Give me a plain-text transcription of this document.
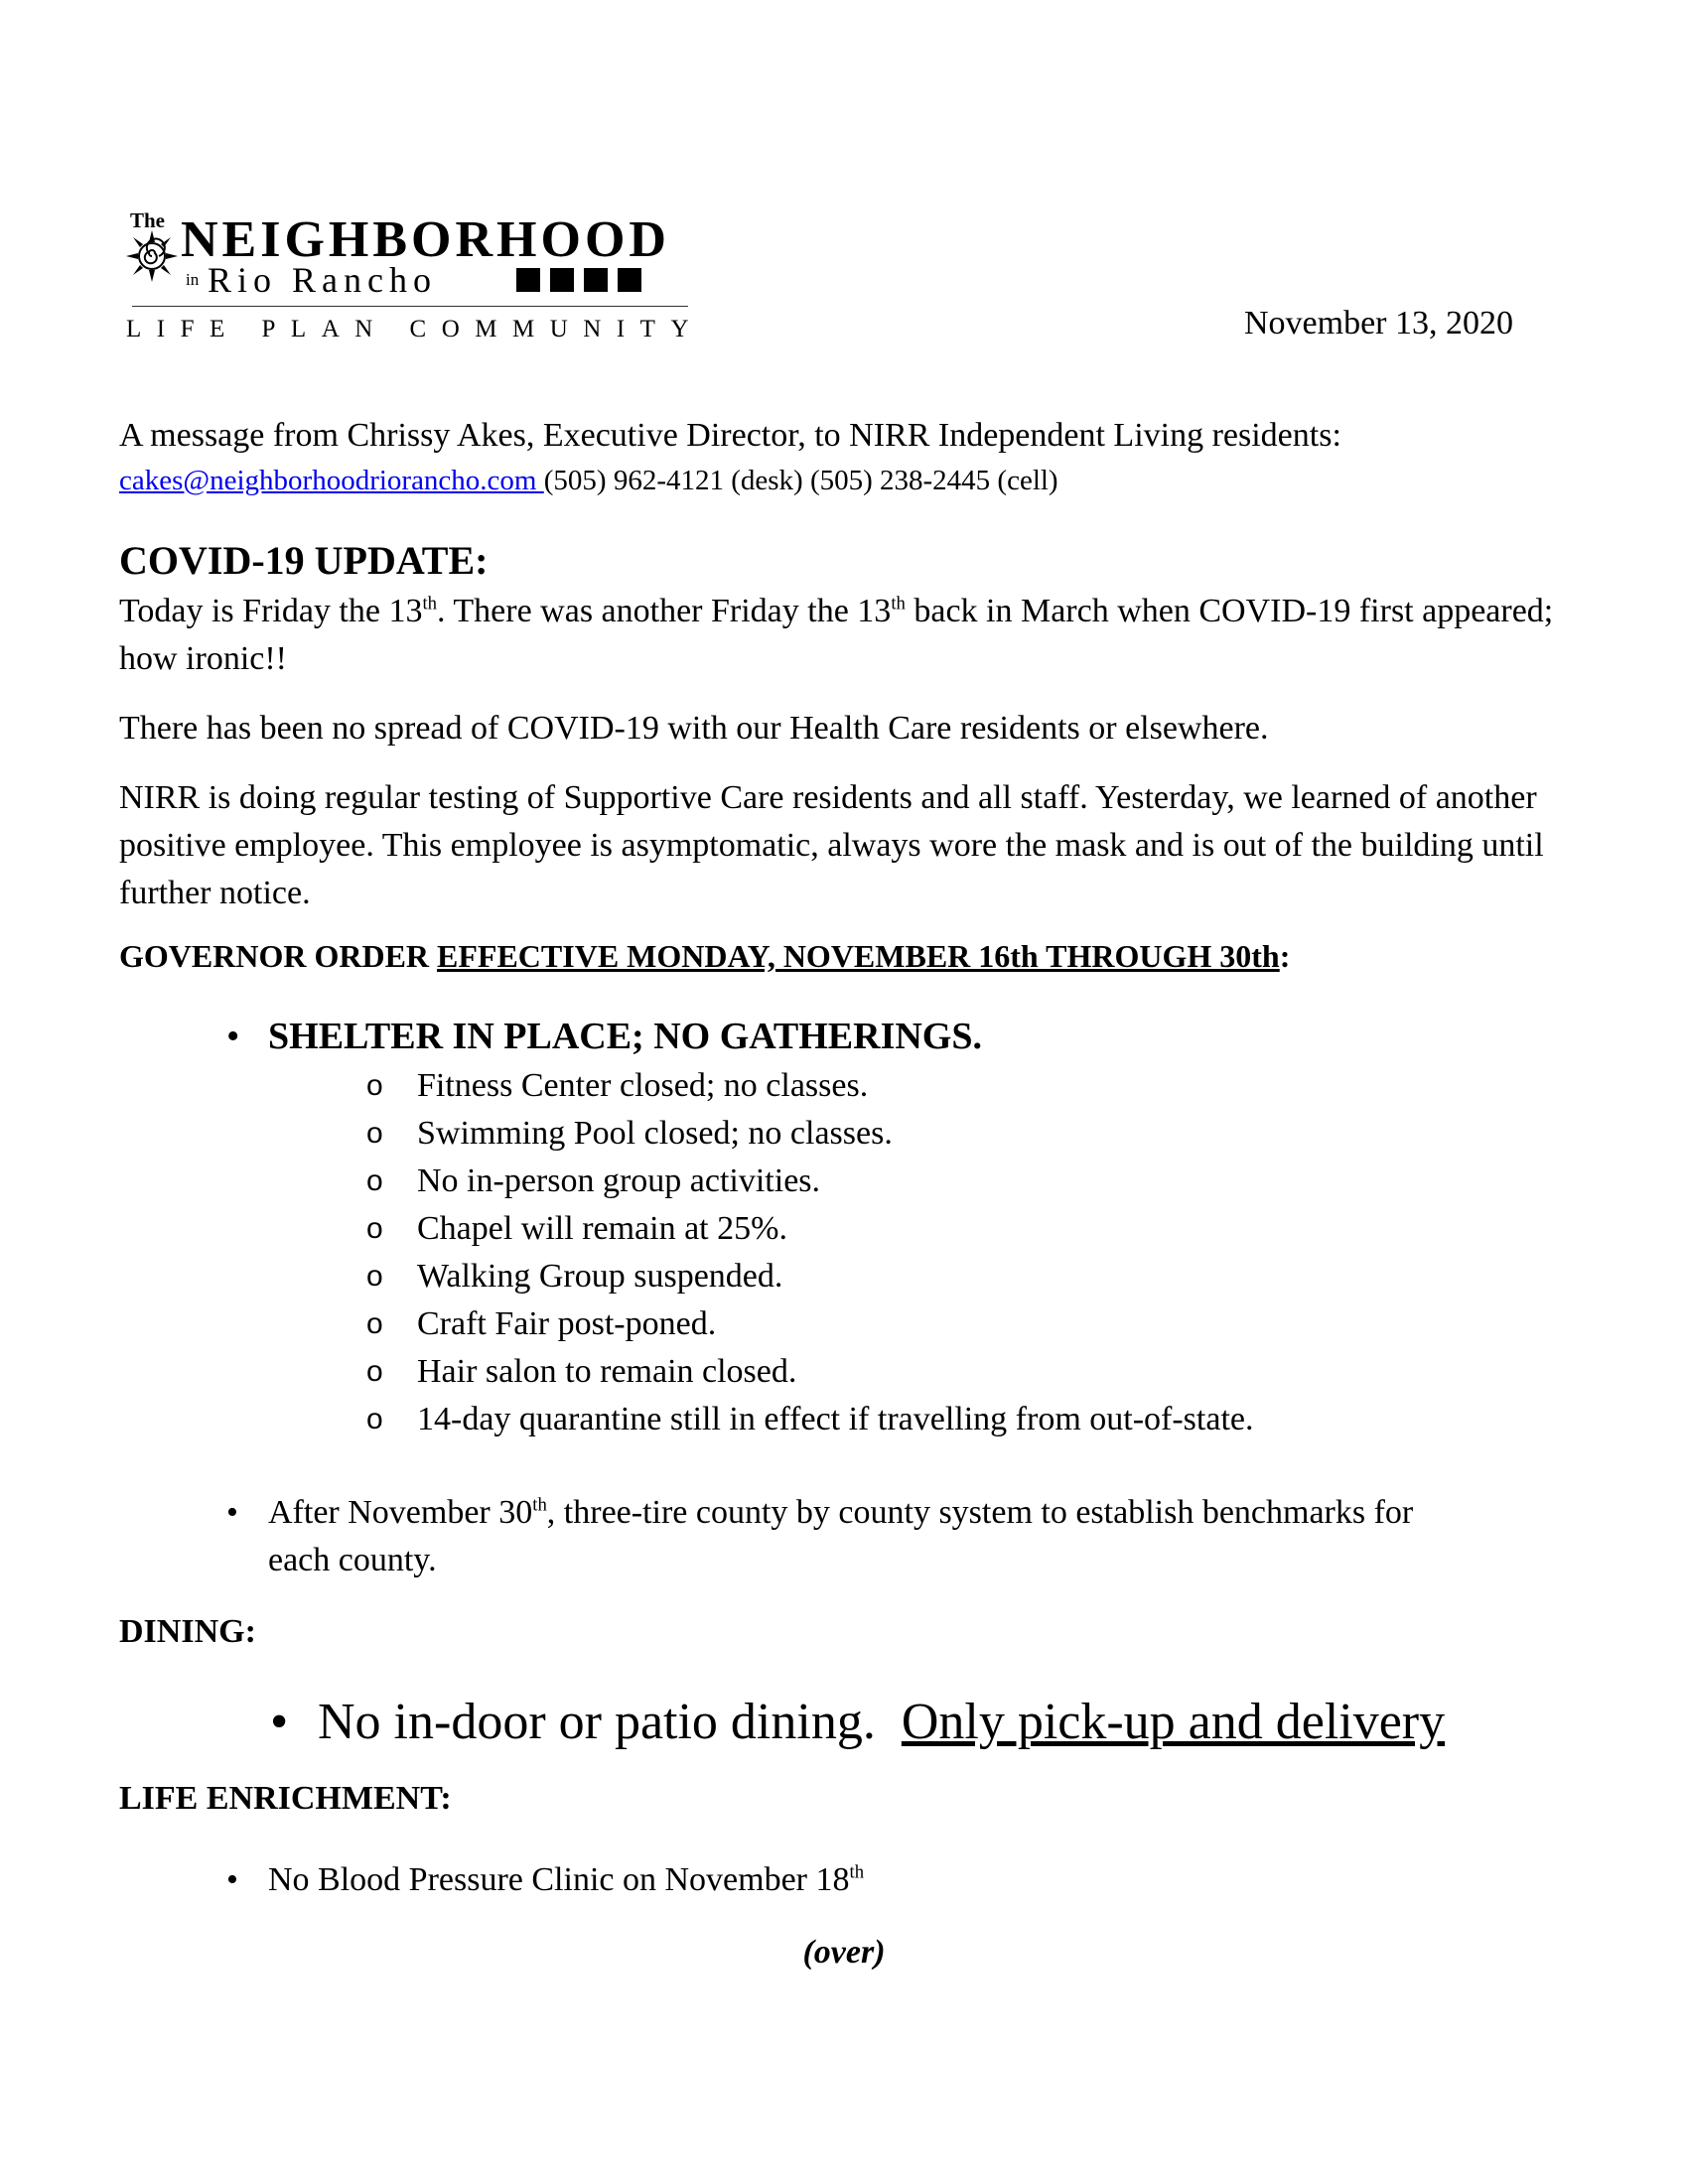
The NEIGHBORHOOD
in Rio Rancho
LIFE PLAN COMMUNITY	November 13, 2020
A message from Chrissy Akes, Executive Director, to NIRR Independent Living residents:
cakes@neighborhoodriorancho.com (505) 962-4121 (desk) (505) 238-2445 (cell)
COVID-19 UPDATE:
Today is Friday the 13th. There was another Friday the 13th back in March when COVID-19 first appeared; how ironic!!
There has been no spread of COVID-19 with our Health Care residents or elsewhere.
NIRR is doing regular testing of Supportive Care residents and all staff. Yesterday, we learned of another positive employee. This employee is asymptomatic, always wore the mask and is out of the building until further notice.
GOVERNOR ORDER EFFECTIVE MONDAY, NOVEMBER 16th THROUGH 30th:
• SHELTER IN PLACE; NO GATHERINGS.
o Fitness Center closed; no classes.
o Swimming Pool closed; no classes.
o No in-person group activities.
o Chapel will remain at 25%.
o Walking Group suspended.
o Craft Fair post-poned.
o Hair salon to remain closed.
o 14-day quarantine still in effect if travelling from out-of-state.
• After November 30th, three-tire county by county system to establish benchmarks for each county.
DINING:
• No in-door or patio dining.  Only pick-up and delivery
LIFE ENRICHMENT:
• No Blood Pressure Clinic on November 18th
(over)
